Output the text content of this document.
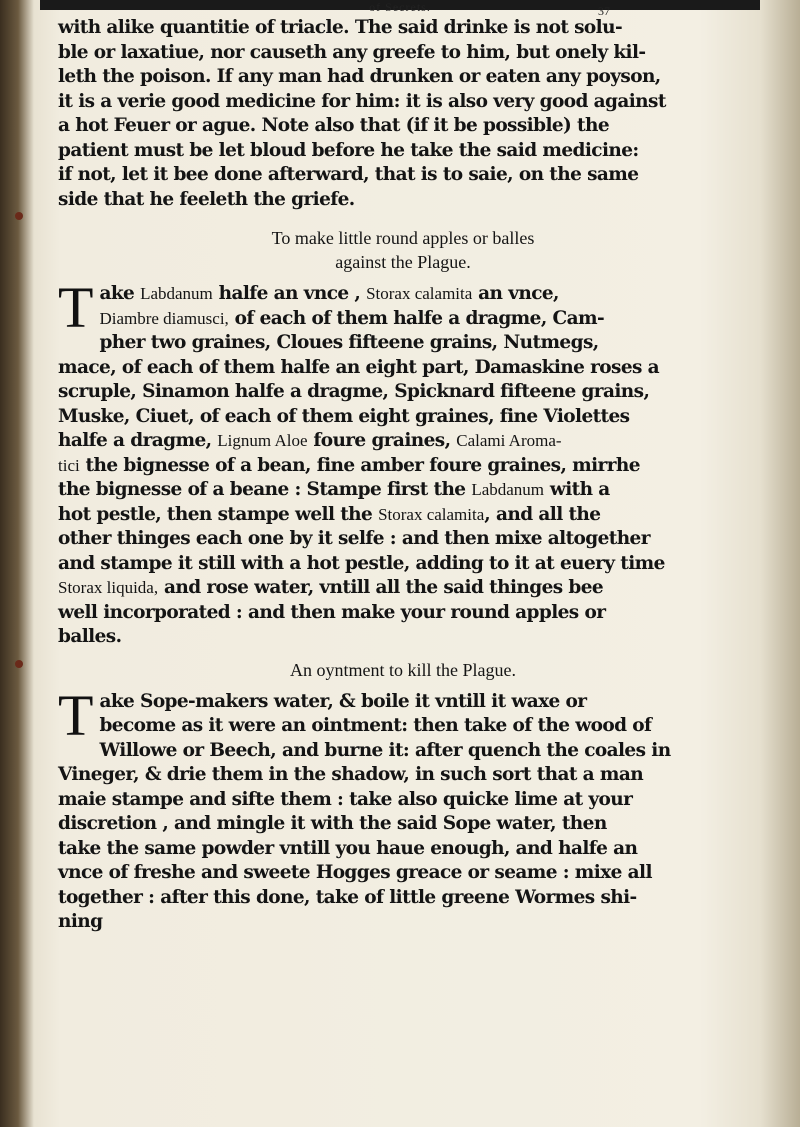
of Secrets.	37

with alike quantitie of triacle. The said drinke is not solu-

ble or laxatiue, nor causeth any greefe to him, but onely kil-

leth the poison. If any man had drunken or eaten any poyson,

it is a verie good medicine for him: it is also very good against

a hot Feuer or ague. Note also that (if it be possible) the

patient must be let bloud before he take the said medicine:

if not, let it bee done afterward, that is to saie, on the same

side that he feeleth the griefe.

To make little round apples or balles

against the Plague.

T ake Labdanum halfe an vnce , Storax calamita an vnce,

Diambre diamusci, of each of them halfe a dragme, Cam-

pher two graines, Cloues fifteene grains, Nutmegs,

mace, of each of them halfe an eight part, Damaskine roses a

scruple, Sinamon halfe a dragme, Spicknard fifteene grains,

Muske, Ciuet, of each of them eight graines, fine Violettes

halfe a dragme, Lignum Aloe foure graines, Calami Aroma-

tici the bignesse of a bean, fine amber foure graines, mirrhe

the bignesse of a beane : Stampe first the Labdanum with a

hot pestle, then stampe well the Storax calamita, and all the

other thinges each one by it selfe : and then mixe altogether

and stampe it still with a hot pestle, adding to it at euery time

Storax liquida, and rose water, vntill all the said thinges bee

well incorporated : and then make your round apples or

balles.

An oyntment to kill the Plague.

T ake Sope-makers water, & boile it vntill it waxe or

become as it were an ointment: then take of the wood of

Willowe or Beech, and burne it: after quench the coales in

Vineger, & drie them in the shadow, in such sort that a man

maie stampe and sifte them : take also quicke lime at your

discretion , and mingle it with the said Sope water, then

take the same powder vntill you haue enough, and halfe an

vnce of freshe and sweete Hogges greace or seame : mixe all

together : after this done, take of little greene Wormes shi-

ning
